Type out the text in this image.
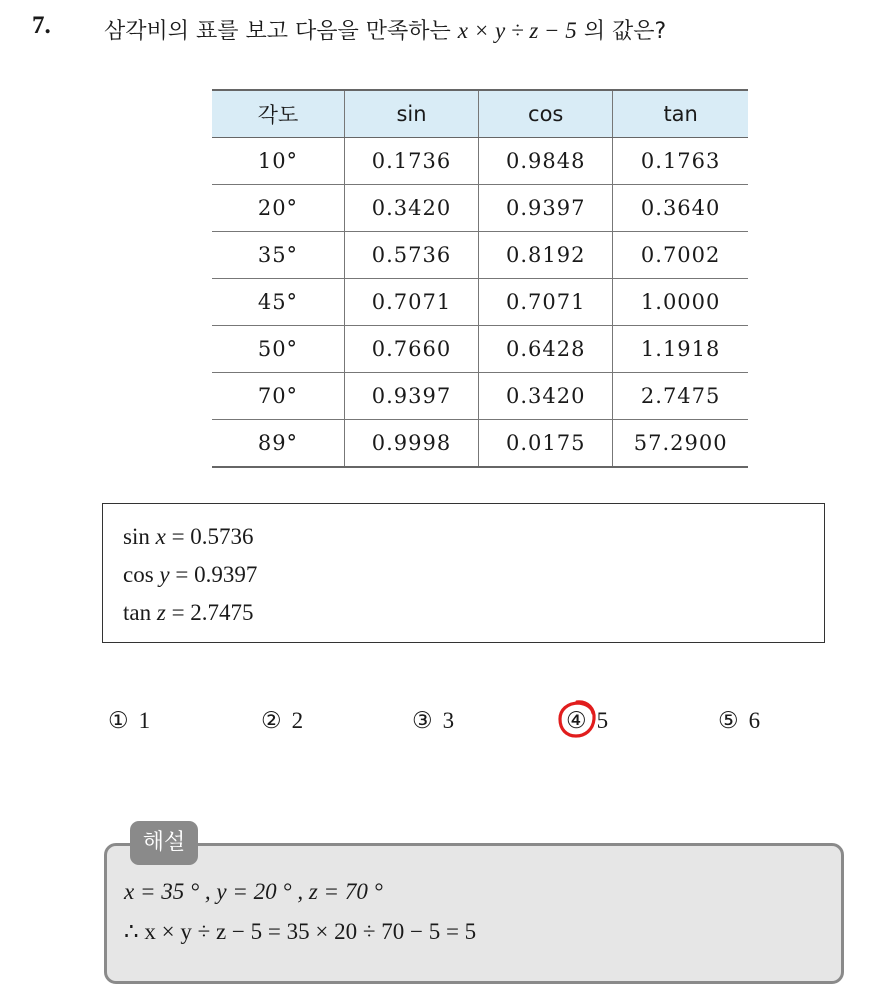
7. 삼각비의 표를 보고 다음을 만족하는 x × y ÷ z − 5 의 값은?
각도	sin	cos	tan
10°	0.1736	0.9848	0.1763
20°	0.3420	0.9397	0.3640
35°	0.5736	0.8192	0.7002
45°	0.7071	0.7071	1.0000
50°	0.7660	0.6428	1.1918
70°	0.9397	0.3420	2.7475
89°	0.9998	0.0175	57.2900
sin x = 0.5736
cos y = 0.9397
tan z = 2.7475
① 1	② 2	③ 3	④ 5	⑤ 6
해설
x = 35 ° , y = 20 ° , z = 70 °
∴ x × y ÷ z − 5 = 35 × 20 ÷ 70 − 5 = 5
